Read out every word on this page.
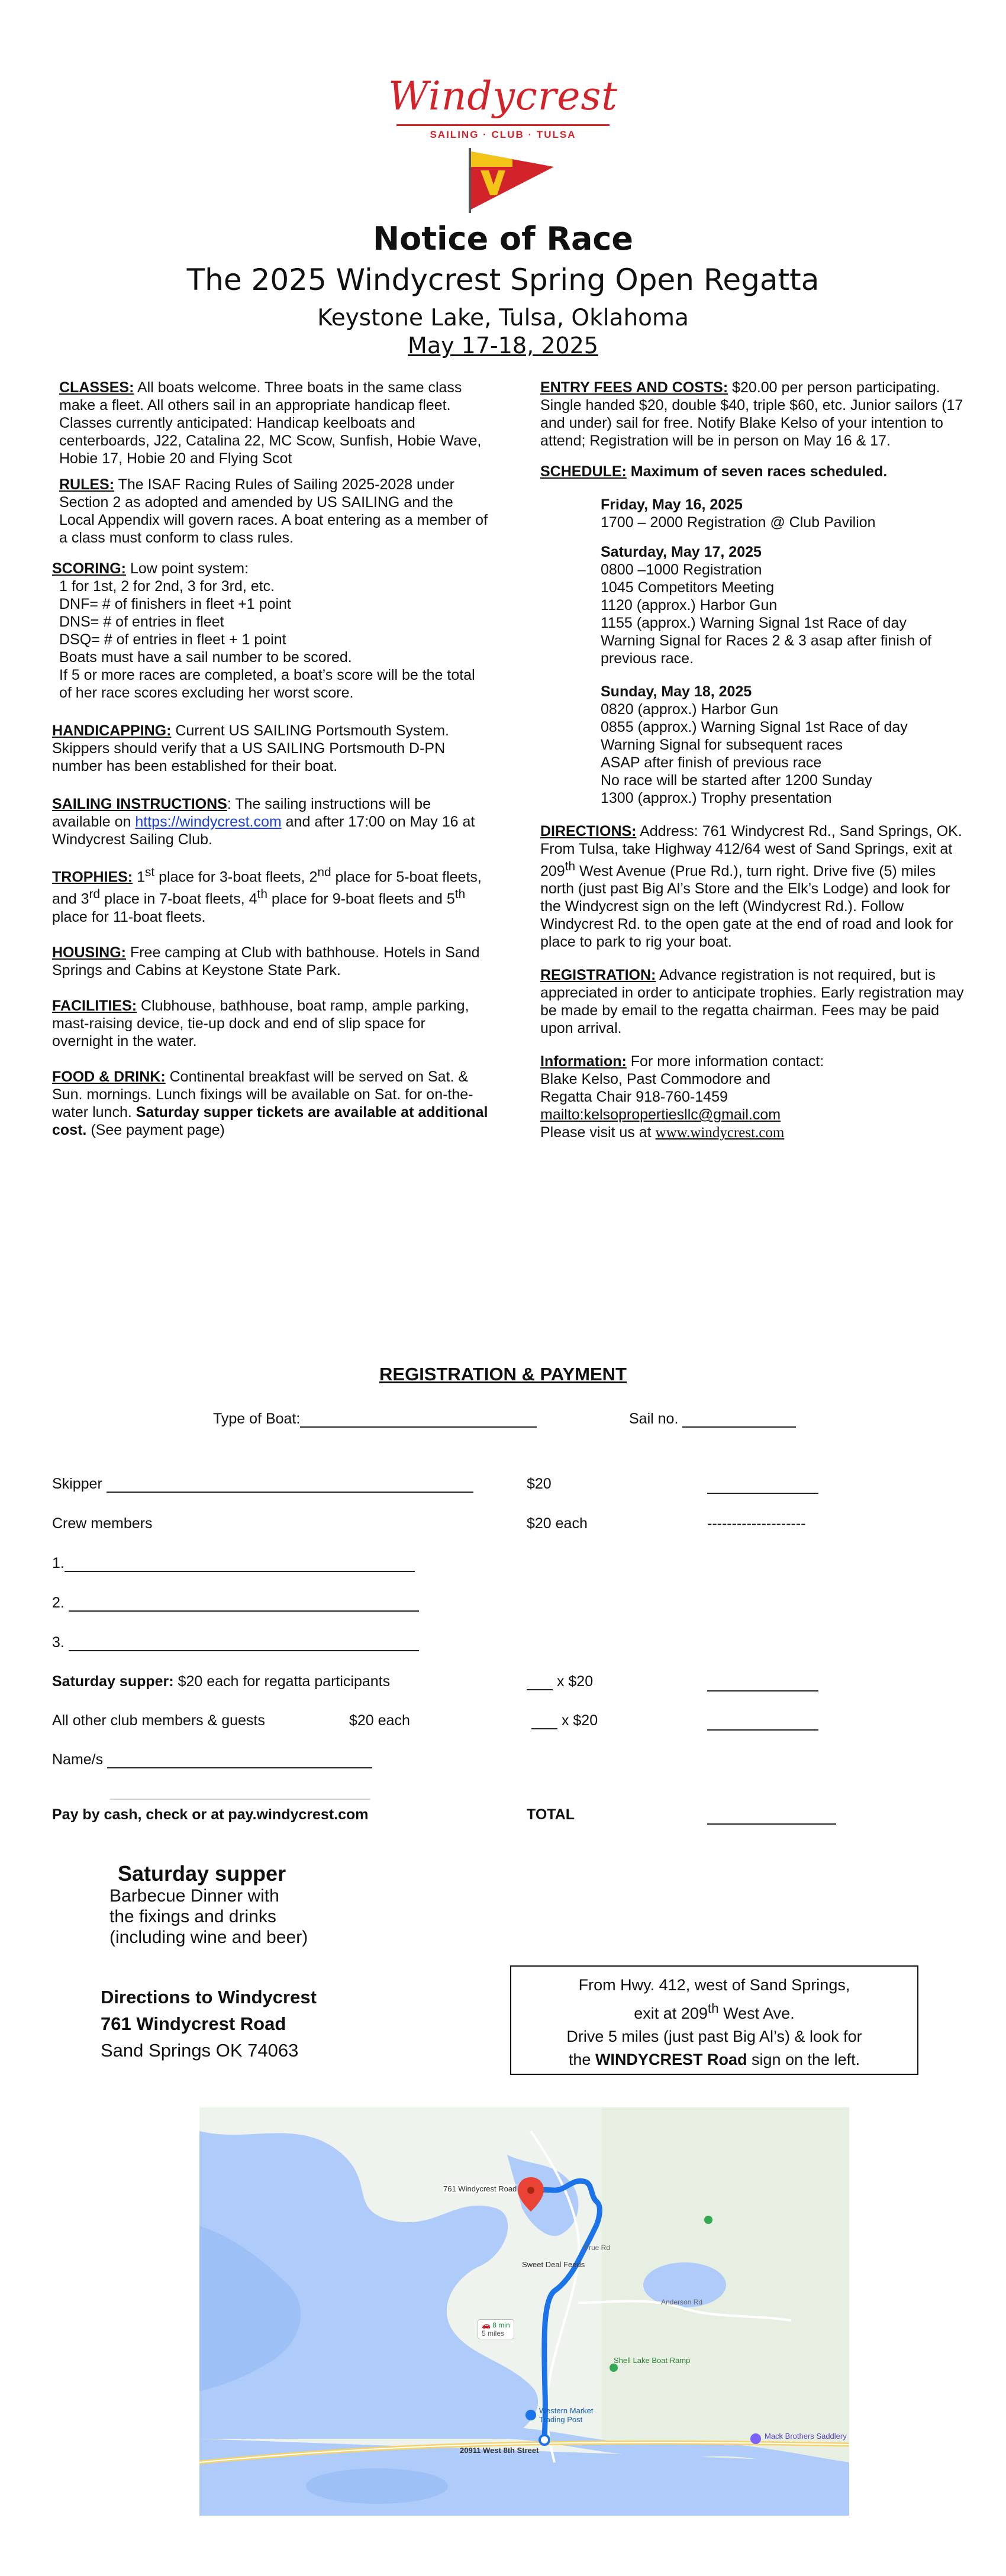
Windycrest
SAILING · CLUB · TULSA
Notice of Race
The 2025 Windycrest Spring Open Regatta
Keystone Lake, Tulsa, Oklahoma
May 17-18, 2025

CLASSES: All boats welcome. Three boats in the same class make a fleet. All others sail in an appropriate handicap fleet. Classes currently anticipated: Handicap keelboats and centerboards, J22, Catalina 22, MC Scow, Sunfish, Hobie Wave, Hobie 17, Hobie 20 and Flying Scot

RULES: The ISAF Racing Rules of Sailing 2025-2028 under Section 2 as adopted and amended by US SAILING and the Local Appendix will govern races. A boat entering as a member of a class must conform to class rules.

SCORING: Low point system:

1 for 1st, 2 for 2nd, 3 for 3rd, etc.

DNF= # of finishers in fleet +1 point

DNS= # of entries in fleet

DSQ= # of entries in fleet + 1 point

Boats must have a sail number to be scored.

If 5 or more races are completed, a boat’s score will be the total of her race scores excluding her worst score.

HANDICAPPING: Current US SAILING Portsmouth System. Skippers should verify that a US SAILING Portsmouth D-PN number has been established for their boat.

SAILING INSTRUCTIONS: The sailing instructions will be available on https://windycrest.com and after 17:00 on May 16 at Windycrest Sailing Club.

TROPHIES: 1st place for 3-boat fleets, 2nd place for 5-boat fleets, and 3rd place in 7-boat fleets, 4th place for 9-boat fleets and 5th place for 11-boat fleets.

HOUSING: Free camping at Club with bathhouse. Hotels in Sand Springs and Cabins at Keystone State Park.

FACILITIES: Clubhouse, bathhouse, boat ramp, ample parking, mast-raising device, tie-up dock and end of slip space for overnight in the water.

FOOD & DRINK: Continental breakfast will be served on Sat. & Sun. mornings. Lunch fixings will be available on Sat. for on-the-water lunch. Saturday supper tickets are available at additional cost. (See payment page)

ENTRY FEES AND COSTS: $20.00 per person participating. Single handed $20, double $40, triple $60, etc. Junior sailors (17 and under) sail for free. Notify Blake Kelso of your intention to attend; Registration will be in person on May 16 & 17.

SCHEDULE: Maximum of seven races scheduled.

Friday, May 16, 2025

1700 – 2000 Registration @ Club Pavilion

Saturday, May 17, 2025

0800 –1000 Registration

1045 Competitors Meeting

1120 (approx.) Harbor Gun

1155 (approx.) Warning Signal 1st Race of day

Warning Signal for Races 2 & 3 asap after finish of previous race.

Sunday, May 18, 2025

0820 (approx.) Harbor Gun

0855 (approx.) Warning Signal 1st Race of day

Warning Signal for subsequent races

ASAP after finish of previous race

No race will be started after 1200 Sunday

1300 (approx.) Trophy presentation

DIRECTIONS: Address: 761 Windycrest Rd., Sand Springs, OK. From Tulsa, take Highway 412/64 west of Sand Springs, exit at 209th West Avenue (Prue Rd.), turn right. Drive five (5) miles north (just past Big Al’s Store and the Elk’s Lodge) and look for the Windycrest sign on the left (Windycrest Rd.). Follow Windycrest Rd. to the open gate at the end of road and look for place to park to rig your boat.

REGISTRATION: Advance registration is not required, but is appreciated in order to anticipate trophies. Early registration may be made by email to the regatta chairman. Fees may be paid upon arrival.

Information: For more information contact:

Blake Kelso, Past Commodore and

Regatta Chair 918-760-1459

mailto:kelsopropertiesllc@gmail.com

Please visit us at www.windycrest.com

REGISTRATION & PAYMENT
Type of Boat:	Sail no.
Skipper	$20
Crew members	$20 each	--------------------
1.
2.
3.
Saturday supper: $20 each for regatta participants	x $20
All other club members & guests	$20 each	x $20
Name/s
Pay by cash, check or at pay.windycrest.com	TOTAL
Saturday supper
Barbecue Dinner with
the fixings and drinks
(including wine and beer)
Directions to Windycrest
761 Windycrest Road
Sand Springs OK 74063
From Hwy. 412, west of Sand Springs,
exit at 209th West Ave.
Drive 5 miles (just past Big Al’s) & look for
the WINDYCREST Road sign on the left.
761 Windycrest Road
20911 West 8th Street
🚗 8 min
5 miles
Western Market Trading Post
Mack Brothers Saddlery
Shell Lake Boat Ramp
Sweet Deal Feeds
Prue Rd
Anderson Rd
